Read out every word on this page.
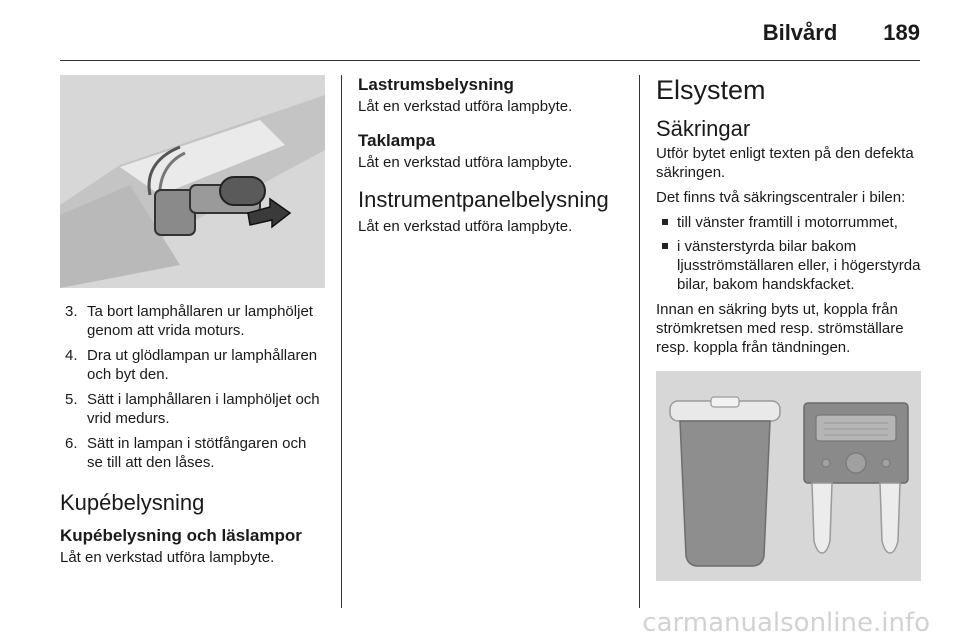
Bilvård 189
3. Ta bort lamphållaren ur lamphöljet genom att vrida moturs.
4. Dra ut glödlampan ur lamphållaren och byt den.
5. Sätt i lamphållaren i lamphöljet och vrid medurs.
6. Sätt in lampan i stötfångaren och se till att den låses.
Kupébelysning
Kupébelysning och läslampor

Låt en verkstad utföra lampbyte.

Lastrumsbelysning

Låt en verkstad utföra lampbyte.

Taklampa

Låt en verkstad utföra lampbyte.

Instrumentpanelbelysning

Låt en verkstad utföra lampbyte.

Elsystem
Säkringar

Utför bytet enligt texten på den defekta säkringen.

Det finns två säkringscentraler i bilen:

till vänster framtill i motorrummet,
i vänsterstyrda bilar bakom ljusströmställaren eller, i högerstyrda bilar, bakom handskfacket.

Innan en säkring byts ut, koppla från strömkretsen med resp. strömställare resp. koppla från tändningen.

carmanualsonline.info
